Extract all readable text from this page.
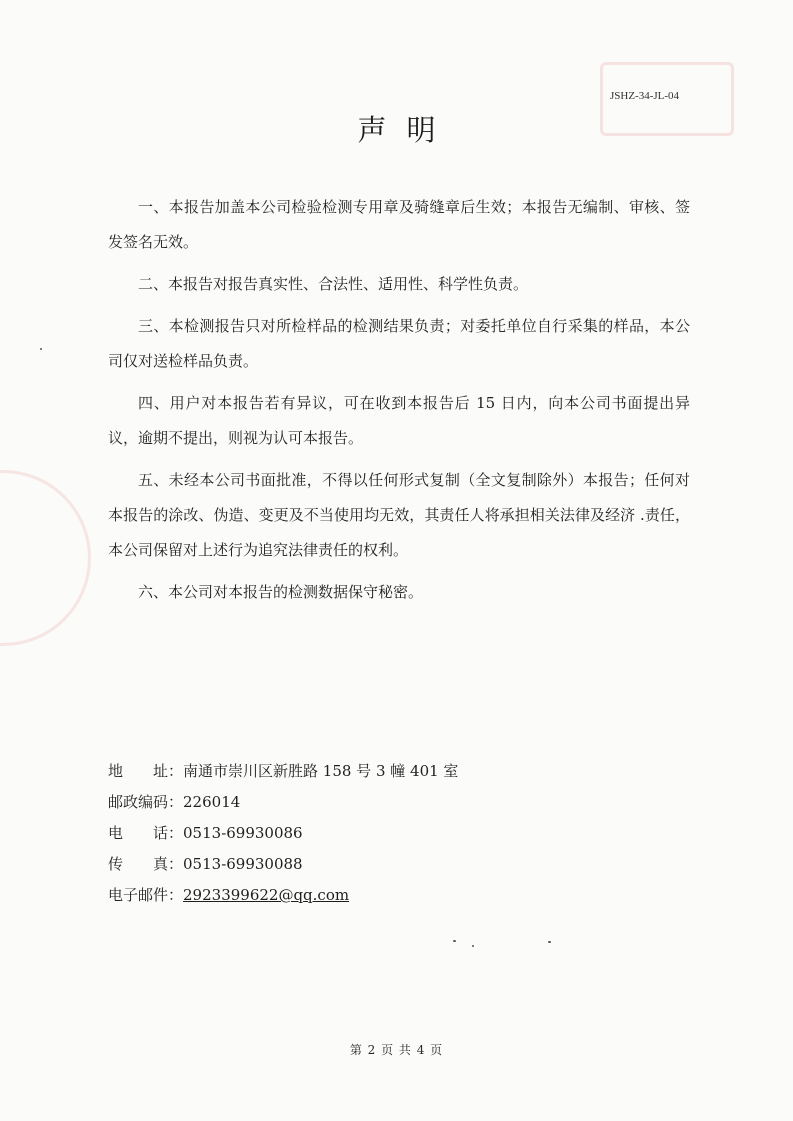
JSHZ-34-JL-04
声明

一、本报告加盖本公司检验检测专用章及骑缝章后生效；本报告无编制、审核、签发签名无效。

二、本报告对报告真实性、合法性、适用性、科学性负责。

三、本检测报告只对所检样品的检测结果负责；对委托单位自行采集的样品，本公司仅对送检样品负责。

四、用户对本报告若有异议，可在收到本报告后 15 日内，向本公司书面提出异议，逾期不提出，则视为认可本报告。

五、未经本公司书面批准，不得以任何形式复制（全文复制除外）本报告；任何对本报告的涂改、伪造、变更及不当使用均无效，其责任人将承担相关法律及经济 .责任，本公司保留对上述行为追究法律责任的权利。

六、本公司对本报告的检测数据保守秘密。

地　　址：南通市崇川区新胜路 158 号 3 幢 401 室
邮政编码：226014
电　　话：0513-69930086
传　　真：0513-69930088
电子邮件：2923399622@qq.com
第 2 页 共 4 页
